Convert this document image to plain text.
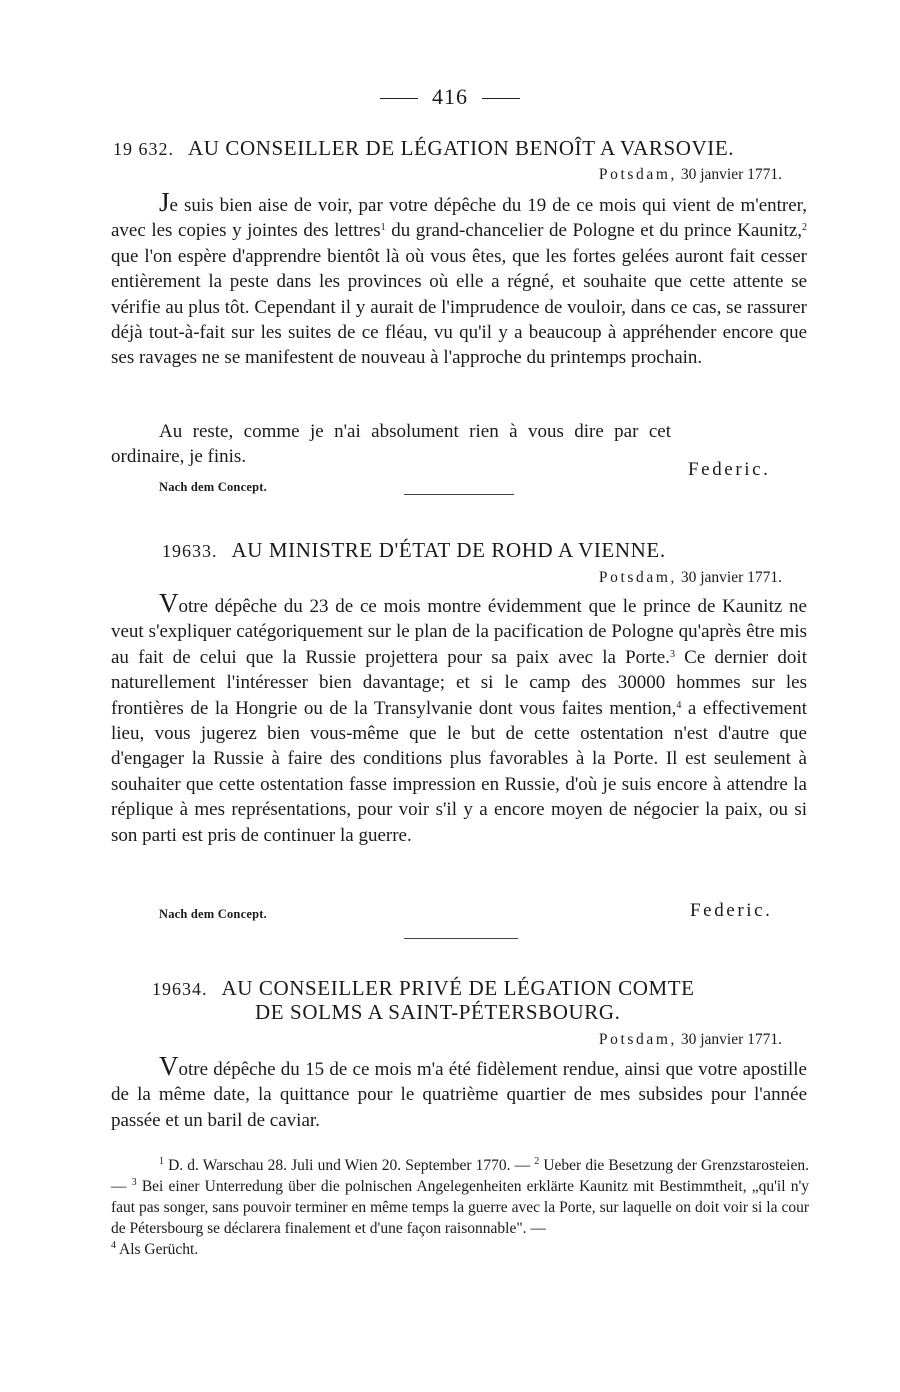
416
19 632. AU CONSEILLER DE LÉGATION BENOÎT A VARSOVIE.
Potsdam, 30 janvier 1771.
Je suis bien aise de voir, par votre dépêche du 19 de ce mois qui vient de m'entrer, avec les copies y jointes des lettres$^1$ du grand-chancelier de Pologne et du prince Kaunitz,$^2$ que l'on espère d'apprendre bientôt là où vous êtes, que les fortes gelées auront fait cesser entièrement la peste dans les provinces où elle a régné, et souhaite que cette attente se vérifie au plus tôt. Cependant il y aurait de l'imprudence de vouloir, dans ce cas, se rassurer déjà tout-à-fait sur les suites de ce fléau, vu qu'il y a beaucoup à appréhender encore que ses ravages ne se manifestent de nouveau à l'approche du printemps prochain.
Au reste, comme je n'ai absolument rien à vous dire par cet ordinaire, je finis.
Federic.
Nach dem Concept.
19633. AU MINISTRE D'ÉTAT DE ROHD A VIENNE.
Potsdam, 30 janvier 1771.
Votre dépêche du 23 de ce mois montre évidemment que le prince de Kaunitz ne veut s'expliquer catégoriquement sur le plan de la pacification de Pologne qu'après être mis au fait de celui que la Russie projettera pour sa paix avec la Porte.$^3$ Ce dernier doit naturellement l'intéresser bien davantage; et si le camp des 30000 hommes sur les frontières de la Hongrie ou de la Transylvanie dont vous faites mention,$^4$ a effectivement lieu, vous jugerez bien vous-même que le but de cette ostentation n'est d'autre que d'engager la Russie à faire des conditions plus favorables à la Porte. Il est seulement à souhaiter que cette ostentation fasse impression en Russie, d'où je suis encore à attendre la réplique à mes représentations, pour voir s'il y a encore moyen de négocier la paix, ou si son parti est pris de continuer la guerre.
Nach dem Concept.	Federic.
19634. AU CONSEILLER PRIVÉ DE LÉGATION COMTE
DE SOLMS A SAINT-PÉTERSBOURG.
Potsdam, 30 janvier 1771.
Votre dépêche du 15 de ce mois m'a été fidèlement rendue, ainsi que votre apostille de la même date, la quittance pour le quatrième quartier de mes subsides pour l'année passée et un baril de caviar.
$^1$ D. d. Warschau 28. Juli und Wien 20. September 1770. — $^2$ Ueber die Besetzung der Grenzstarosteien. — $^3$ Bei einer Unterredung über die polnischen Angelegenheiten erklärte Kaunitz mit Bestimmtheit, „qu'il n'y faut pas songer, sans pouvoir terminer en même temps la guerre avec la Porte, sur laquelle on doit voir si la cour de Pétersbourg se déclarera finalement et d'une façon raisonnable". —
$^4$ Als Gerücht.
